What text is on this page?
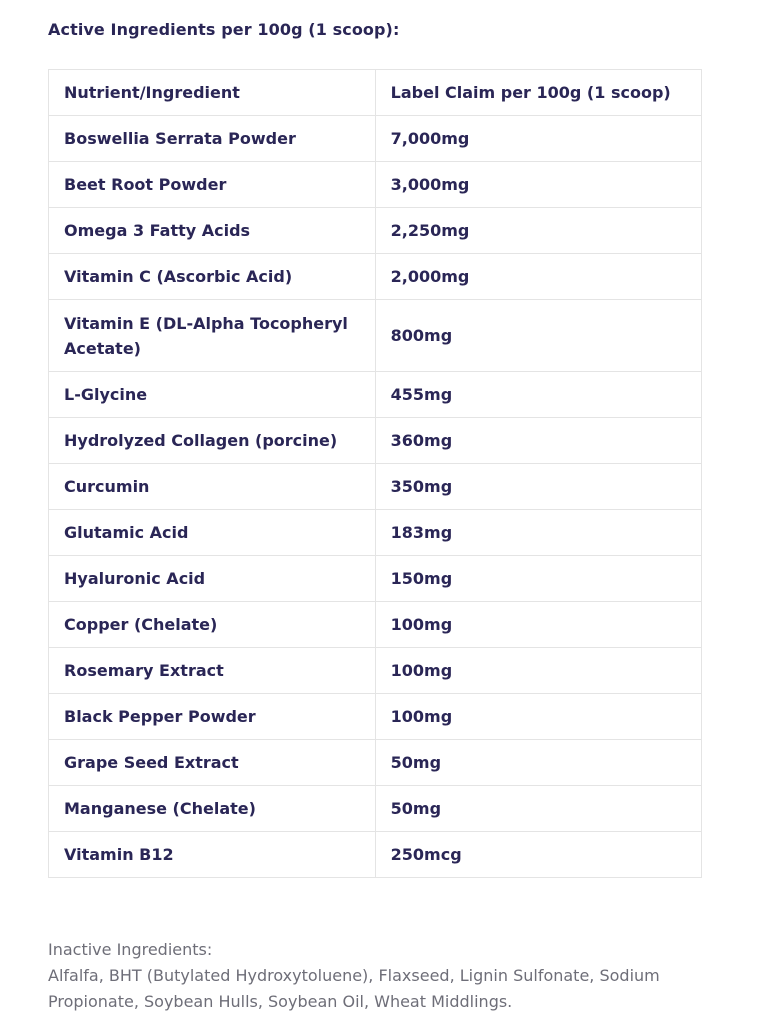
Active Ingredients per 100g (1 scoop):
Nutrient/Ingredient	Label Claim per 100g (1 scoop)
Boswellia Serrata Powder	7,000mg
Beet Root Powder	3,000mg
Omega 3 Fatty Acids	2,250mg
Vitamin C (Ascorbic Acid)	2,000mg
Vitamin E (DL-Alpha Tocopheryl Acetate)	800mg
L-Glycine	455mg
Hydrolyzed Collagen (porcine)	360mg
Curcumin	350mg
Glutamic Acid	183mg
Hyaluronic Acid	150mg
Copper (Chelate)	100mg
Rosemary Extract	100mg
Black Pepper Powder	100mg
Grape Seed Extract	50mg
Manganese (Chelate)	50mg
Vitamin B12	250mcg
Inactive Ingredients:
Alfalfa, BHT (Butylated Hydroxytoluene), Flaxseed, Lignin Sulfonate, Sodium Propionate, Soybean Hulls, Soybean Oil, Wheat Middlings.
